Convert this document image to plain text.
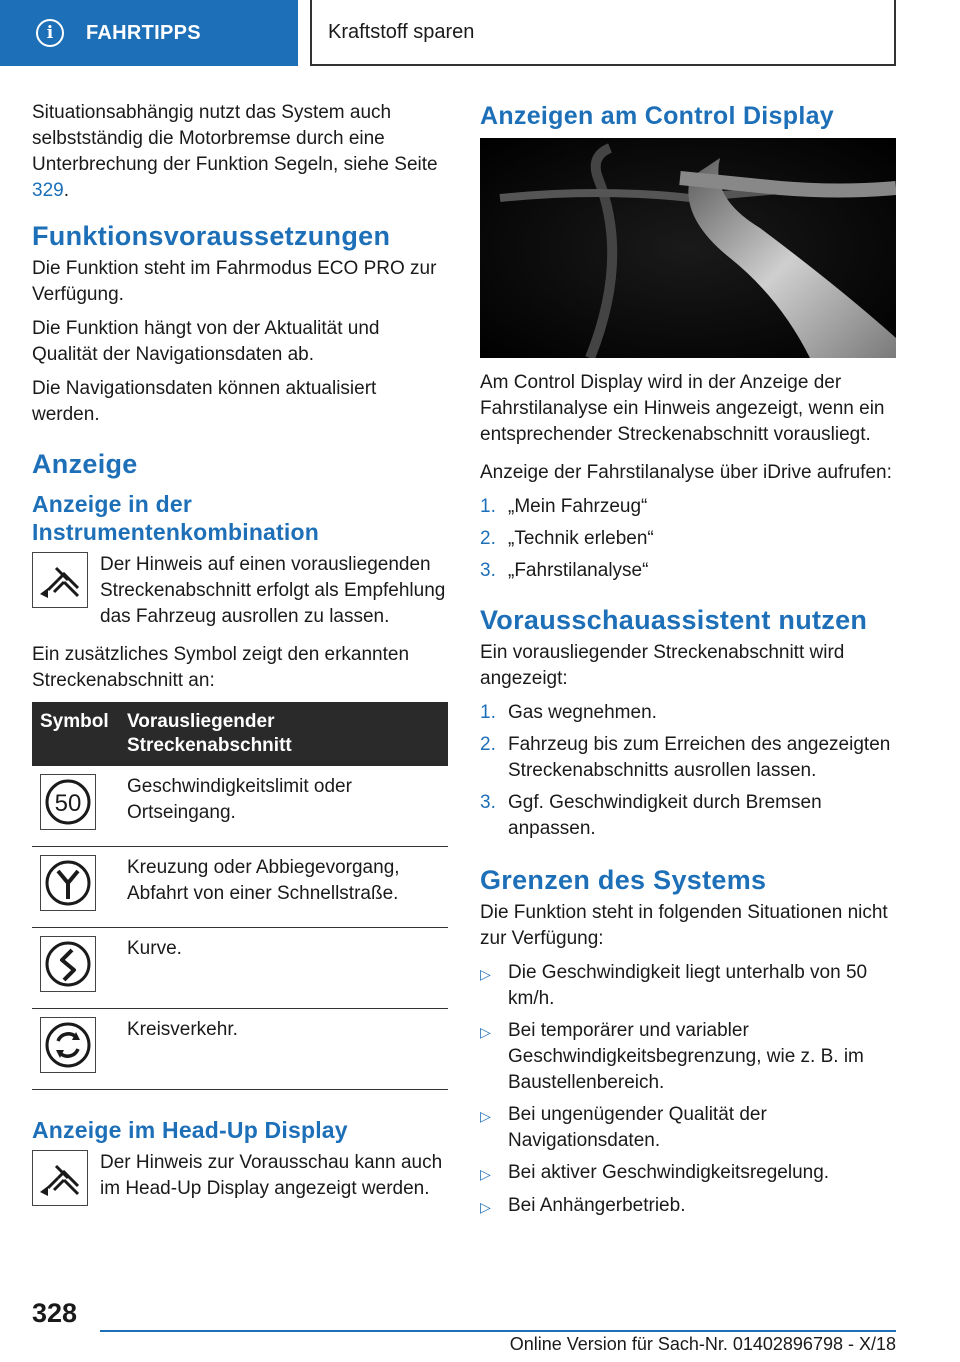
i	FAHRTIPPS	Kraftstoff sparen

Situationsabhängig nutzt das System auch selbstständig die Motorbremse durch eine Unterbrechung der Funktion Segeln, siehe Seite 329.

Funktionsvoraussetzungen

Die Funktion steht im Fahrmodus ECO PRO zur Verfügung.

Die Funktion hängt von der Aktualität und Qualität der Navigationsdaten ab.

Die Navigationsdaten können aktualisiert werden.

Anzeige
Anzeige in der Instrumentenkombination

Der Hinweis auf einen vorausliegenden Streckenabschnitt erfolgt als Empfehlung das Fahrzeug ausrollen zu lassen.

Ein zusätzliches Symbol zeigt den erkannten Streckenabschnitt an:

Symbol	Vorausliegender Streckenabschnitt

50	Geschwindigkeitslimit oder Ortseingang.

	Kreuzung oder Abbiegevorgang, Abfahrt von einer Schnellstraße.

	Kurve.

	Kreisverkehr.
Anzeige im Head-Up Display

Der Hinweis zur Vorausschau kann auch im Head-Up Display angezeigt werden.

Anzeigen am Control Display

Am Control Display wird in der Anzeige der Fahrstilanalyse ein Hinweis angezeigt, wenn ein entsprechender Streckenabschnitt vorausliegt.

Anzeige der Fahrstilanalyse über iDrive aufrufen:

1. „Mein Fahrzeug“
2. „Technik erleben“
3. „Fahrstilanalyse“
Vorausschauassistent nutzen

Ein vorausliegender Streckenabschnitt wird angezeigt:

1. Gas wegnehmen.
2. Fahrzeug bis zum Erreichen des angezeigten Streckenabschnitts ausrollen lassen.
3. Ggf. Geschwindigkeit durch Bremsen anpassen.
Grenzen des Systems

Die Funktion steht in folgenden Situationen nicht zur Verfügung:

▷ Die Geschwindigkeit liegt unterhalb von 50 km/h.
▷ Bei temporärer und variabler Geschwindigkeitsbegrenzung, wie z. B. im Baustellenbereich.
▷ Bei ungenügender Qualität der Navigationsdaten.
▷ Bei aktiver Geschwindigkeitsregelung.
▷ Bei Anhängerbetrieb.
328
Online Version für Sach-Nr. 01402896798 - X/18
